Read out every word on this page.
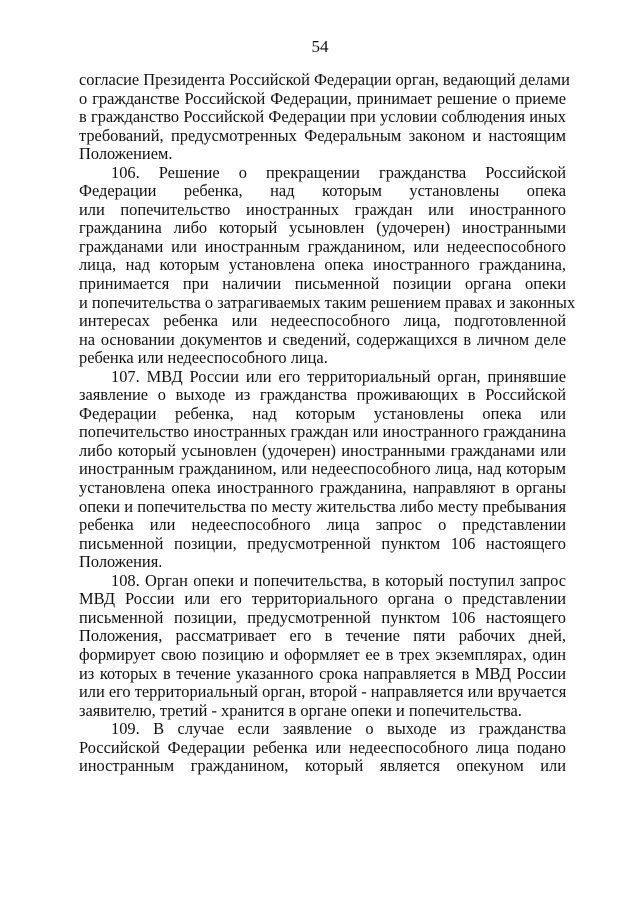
54
согласие Президента Российской Федерации орган, ведающий делами
о гражданстве Российской Федерации, принимает решение о приеме
в гражданство Российской Федерации при условии соблюдения иных
требований, предусмотренных Федеральным законом и настоящим
Положением.
106. Решение о прекращении гражданства Российской
Федерации ребенка, над которым установлены опека
или попечительство иностранных граждан или иностранного
гражданина либо который усыновлен (удочерен) иностранными
гражданами или иностранным гражданином, или недееспособного
лица, над которым установлена опека иностранного гражданина,
принимается при наличии письменной позиции органа опеки
и попечительства о затрагиваемых таким решением правах и законных
интересах ребенка или недееспособного лица, подготовленной
на основании документов и сведений, содержащихся в личном деле
ребенка или недееспособного лица.
107. МВД России или его территориальный орган, принявшие
заявление о выходе из гражданства проживающих в Российской
Федерации ребенка, над которым установлены опека или
попечительство иностранных граждан или иностранного гражданина
либо который усыновлен (удочерен) иностранными гражданами или
иностранным гражданином, или недееспособного лица, над которым
установлена опека иностранного гражданина, направляют в органы
опеки и попечительства по месту жительства либо месту пребывания
ребенка или недееспособного лица запрос о представлении
письменной позиции, предусмотренной пунктом 106 настоящего
Положения.
108. Орган опеки и попечительства, в который поступил запрос
МВД России или его территориального органа о представлении
письменной позиции, предусмотренной пунктом 106 настоящего
Положения, рассматривает его в течение пяти рабочих дней,
формирует свою позицию и оформляет ее в трех экземплярах, один
из которых в течение указанного срока направляется в МВД России
или его территориальный орган, второй - направляется или вручается
заявителю, третий - хранится в органе опеки и попечительства.
109. В случае если заявление о выходе из гражданства
Российской Федерации ребенка или недееспособного лица подано
иностранным гражданином, который является опекуном или
